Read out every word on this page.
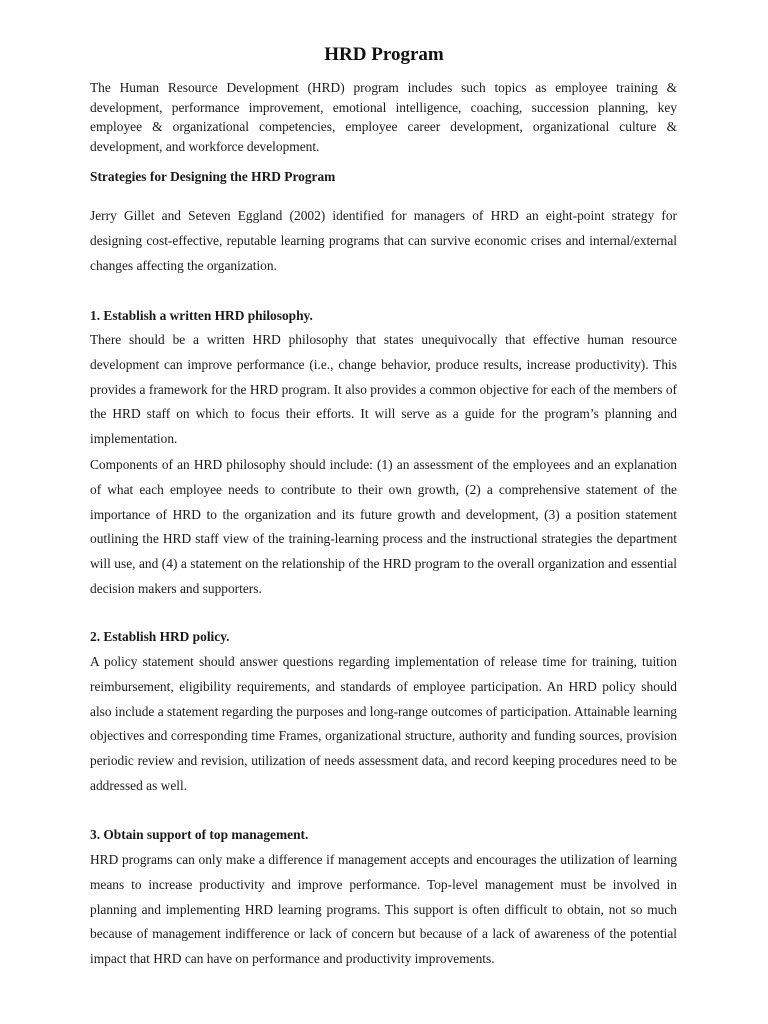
HRD Program

The Human Resource Development (HRD) program includes such topics as employee training & development, performance improvement, emotional intelligence, coaching, succession planning, key employee & organizational competencies, employee career development, organizational culture & development, and workforce development.

Strategies for Designing the HRD Program

Jerry Gillet and Seteven Eggland (2002) identified for managers of HRD an eight-point strategy for designing cost-effective, reputable learning programs that can survive economic crises and internal/external changes affecting the organization.

1. Establish a written HRD philosophy.

There should be a written HRD philosophy that states unequivocally that effective human resource development can improve performance (i.e., change behavior, produce results, increase productivity). This provides a framework for the HRD program. It also provides a common objective for each of the members of the HRD staff on which to focus their efforts. It will serve as a guide for the program’s planning and implementation.

Components of an HRD philosophy should include: (1) an assessment of the employees and an explanation of what each employee needs to contribute to their own growth, (2) a comprehensive statement of the importance of HRD to the organization and its future growth and development, (3) a position statement outlining the HRD staff view of the training-learning process and the instructional strategies the department will use, and (4) a statement on the relationship of the HRD program to the overall organization and essential decision makers and supporters.

2. Establish HRD policy.

A policy statement should answer questions regarding implementation of release time for training, tuition reimbursement, eligibility requirements, and standards of employee participation. An HRD policy should also include a statement regarding the purposes and long-range outcomes of participation. Attainable learning objectives and corresponding time Frames, organizational structure, authority and funding sources, provision periodic review and revision, utilization of needs assessment data, and record keeping procedures need to be addressed as well.

3. Obtain support of top management.

HRD programs can only make a difference if management accepts and encourages the utilization of learning means to increase productivity and improve performance. Top-level management must be involved in planning and implementing HRD learning programs. This support is often difficult to obtain, not so much because of management indifference or lack of concern but because of a lack of awareness of the potential impact that HRD can have on performance and productivity improvements.
